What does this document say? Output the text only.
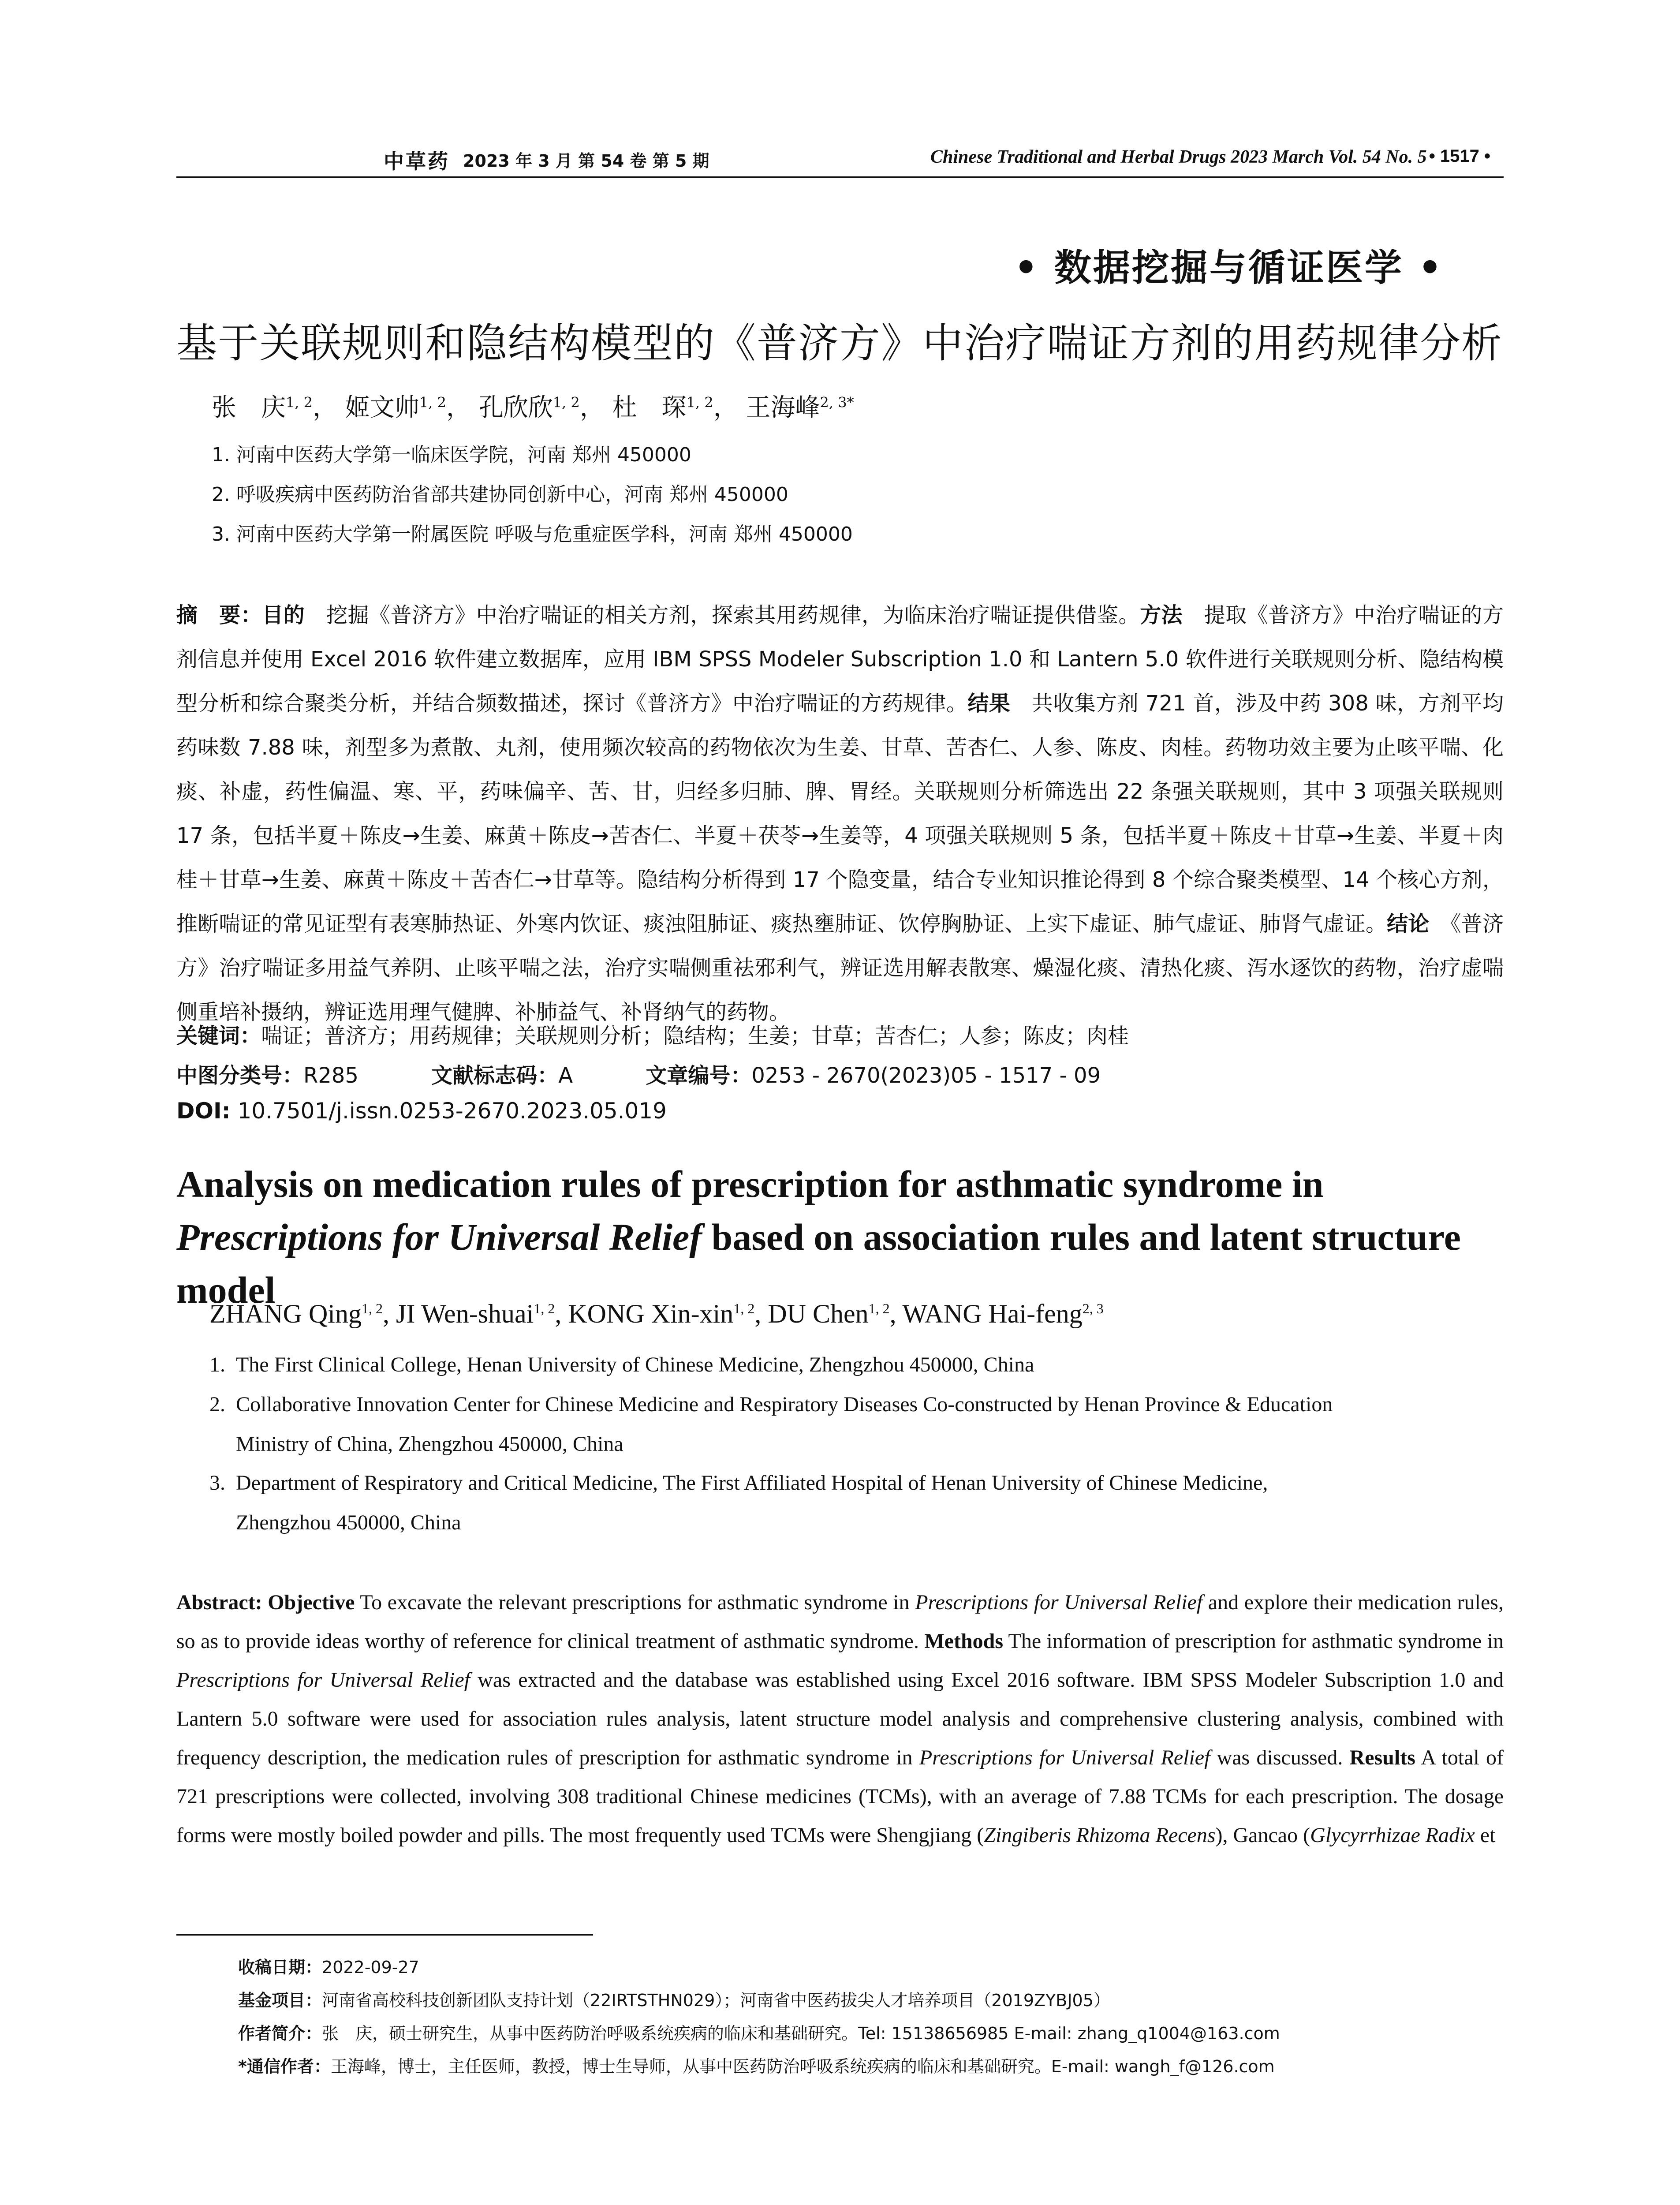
中草药 2023 年 3 月 第 54 卷 第 5 期	Chinese Traditional and Herbal Drugs 2023 March Vol. 54 No. 5 • 1517 •
• 数据挖掘与循证医学 •
基于关联规则和隐结构模型的《普济方》中治疗喘证方剂的用药规律分析
张　庆$^{1, 2}$， 姬文帅$^{1, 2}$， 孔欣欣$^{1, 2}$， 杜　琛$^{1, 2}$， 王海峰$^{2, 3*}$
1. 河南中医药大学第一临床医学院，河南 郑州 450000
2. 呼吸疾病中医药防治省部共建协同创新中心，河南 郑州 450000
3. 河南中医药大学第一附属医院 呼吸与危重症医学科，河南 郑州 450000
摘　要：目的　挖掘《普济方》中治疗喘证的相关方剂，探索其用药规律，为临床治疗喘证提供借鉴。方法　提取《普济方》中治疗喘证的方剂信息并使用 Excel 2016 软件建立数据库，应用 IBM SPSS Modeler Subscription 1.0 和 Lantern 5.0 软件进行关联规则分析、隐结构模型分析和综合聚类分析，并结合频数描述，探讨《普济方》中治疗喘证的方药规律。结果　共收集方剂 721 首，涉及中药 308 味，方剂平均药味数 7.88 味，剂型多为煮散、丸剂，使用频次较高的药物依次为生姜、甘草、苦杏仁、人参、陈皮、肉桂。药物功效主要为止咳平喘、化痰、补虚，药性偏温、寒、平，药味偏辛、苦、甘，归经多归肺、脾、胃经。关联规则分析筛选出 22 条强关联规则，其中 3 项强关联规则 17 条，包括半夏＋陈皮→生姜、麻黄＋陈皮→苦杏仁、半夏＋茯苓→生姜等，4 项强关联规则 5 条，包括半夏＋陈皮＋甘草→生姜、半夏＋肉桂＋甘草→生姜、麻黄＋陈皮＋苦杏仁→甘草等。隐结构分析得到 17 个隐变量，结合专业知识推论得到 8 个综合聚类模型、14 个核心方剂，推断喘证的常见证型有表寒肺热证、外寒内饮证、痰浊阻肺证、痰热壅肺证、饮停胸胁证、上实下虚证、肺气虚证、肺肾气虚证。结论　《普济方》治疗喘证多用益气养阴、止咳平喘之法，治疗实喘侧重祛邪利气，辨证选用解表散寒、燥湿化痰、清热化痰、泻水逐饮的药物，治疗虚喘侧重培补摄纳，辨证选用理气健脾、补肺益气、补肾纳气的药物。
关键词：喘证；普济方；用药规律；关联规则分析；隐结构；生姜；甘草；苦杏仁；人参；陈皮；肉桂
中图分类号：R285	文献标志码：A	文章编号：0253 - 2670(2023)05 - 1517 - 09
DOI: 10.7501/j.issn.0253-2670.2023.05.019
Analysis on medication rules of prescription for asthmatic syndrome in Prescriptions for Universal Relief based on association rules and latent structure model
ZHANG Qing$^{1, 2}$, JI Wen-shuai$^{1, 2}$, KONG Xin-xin$^{1, 2}$, DU Chen$^{1, 2}$, WANG Hai-feng$^{2, 3}$
1. The First Clinical College, Henan University of Chinese Medicine, Zhengzhou 450000, China
2. Collaborative Innovation Center for Chinese Medicine and Respiratory Diseases Co-constructed by Henan Province & Education
Ministry of China, Zhengzhou 450000, China
3. Department of Respiratory and Critical Medicine, The First Affiliated Hospital of Henan University of Chinese Medicine,
Zhengzhou 450000, China
Abstract: Objective To excavate the relevant prescriptions for asthmatic syndrome in Prescriptions for Universal Relief and explore their medication rules, so as to provide ideas worthy of reference for clinical treatment of asthmatic syndrome. Methods The information of prescription for asthmatic syndrome in Prescriptions for Universal Relief was extracted and the database was established using Excel 2016 software. IBM SPSS Modeler Subscription 1.0 and Lantern 5.0 software were used for association rules analysis, latent structure model analysis and comprehensive clustering analysis, combined with frequency description, the medication rules of prescription for asthmatic syndrome in Prescriptions for Universal Relief was discussed. Results A total of 721 prescriptions were collected, involving 308 traditional Chinese medicines (TCMs), with an average of 7.88 TCMs for each prescription. The dosage forms were mostly boiled powder and pills. The most frequently used TCMs were Shengjiang (Zingiberis Rhizoma Recens), Gancao (Glycyrrhizae Radix et
收稿日期：2022-09-27
基金项目：河南省高校科技创新团队支持计划（22IRTSTHN029）；河南省中医药拔尖人才培养项目（2019ZYBJ05）
作者简介：张　庆，硕士研究生，从事中医药防治呼吸系统疾病的临床和基础研究。Tel: 15138656985 E-mail: zhang_q1004@163.com
*通信作者：王海峰，博士，主任医师，教授，博士生导师，从事中医药防治呼吸系统疾病的临床和基础研究。E-mail: wangh_f@126.com
